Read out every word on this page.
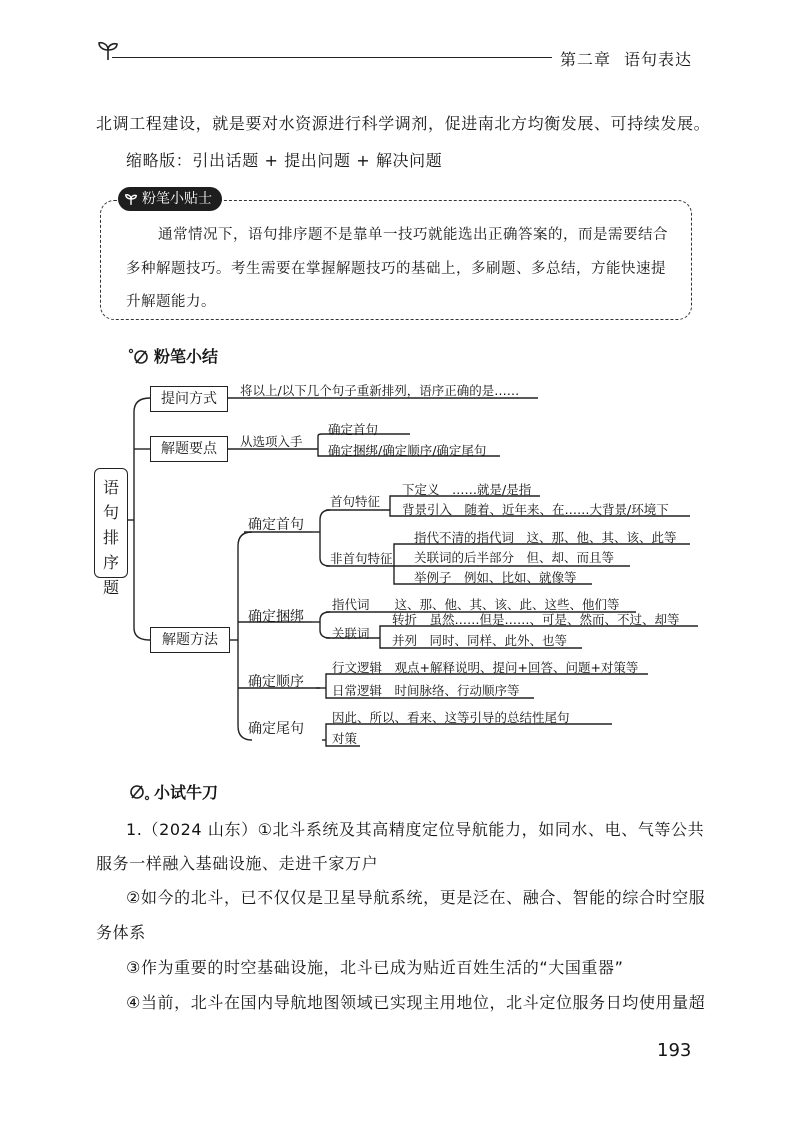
第二章 语句表达
北调工程建设，就是要对水资源进行科学调剂，促进南北方均衡发展、可持续发展。
缩略版：引出话题 + 提出问题 + 解决问题
粉笔小贴士
通常情况下，语句排序题不是靠单一技巧就能选出正确答案的，而是需要结合
多种解题技巧。考生需要在掌握解题技巧的基础上，多刷题、多总结，方能快速提
升解题能力。
粉笔小结
语句排序题
提问方式
将以上/以下几个句子重新排列，语序正确的是……
解题要点	从选项入手
确定首句
确定捆绑/确定顺序/确定尾句
解题方法
确定首句
首句特征
下定义　……就是/是指
背景引入　随着、近年来、在……大背景/环境下
非首句特征
指代不清的指代词　这、那、他、其、该、此等
关联词的后半部分　但、却、而且等
举例子　例如、比如、就像等
确定捆绑
指代词　　这、那、他、其、该、此、这些、他们等
关联词
转折　虽然……但是……、可是、然而、不过、却等
并列　同时、同样、此外、也等
确定顺序
行文逻辑　观点+解释说明、提问+回答、问题+对策等
日常逻辑　时间脉络、行动顺序等
确定尾句
因此、所以、看来、这等引导的总结性尾句
对策
小试牛刀
1.（2024 山东）①北斗系统及其高精度定位导航能力，如同水、电、气等公共
服务一样融入基础设施、走进千家万户
②如今的北斗，已不仅仅是卫星导航系统，更是泛在、融合、智能的综合时空服
务体系
③作为重要的时空基础设施，北斗已成为贴近百姓生活的“大国重器”
④当前，北斗在国内导航地图领域已实现主用地位，北斗定位服务日均使用量超
193
